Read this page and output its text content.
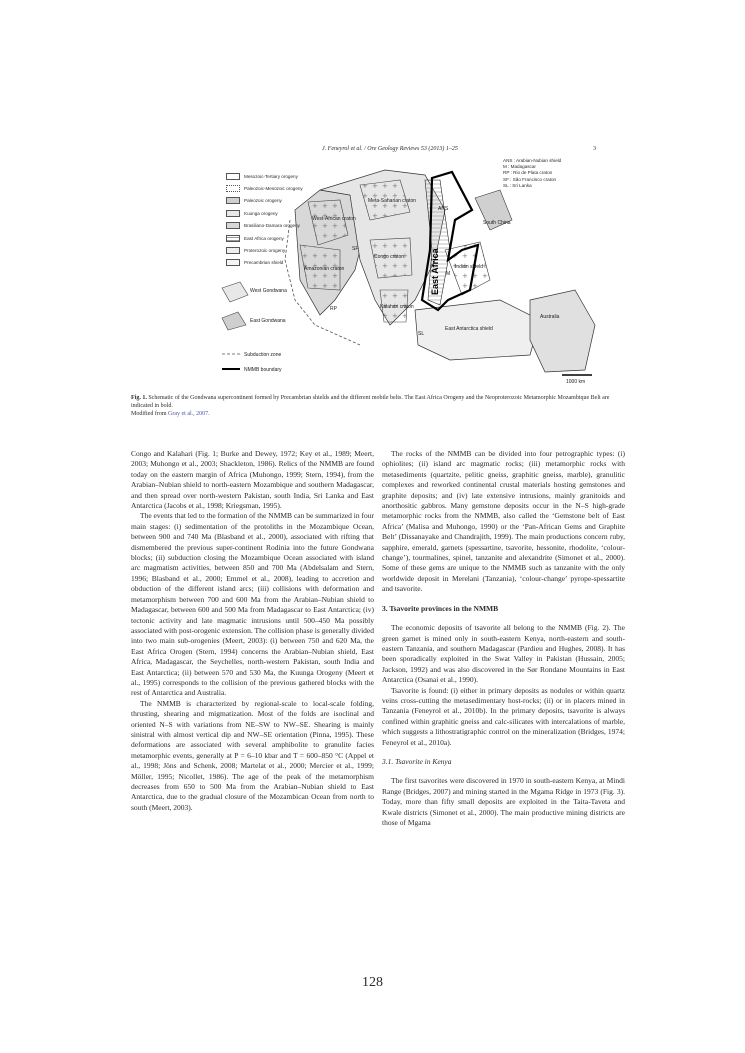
J. Feneyrol et al. / Ore Geology Reviews 53 (2013) 1–25	3
West Gondwana
East Gondwana
Subduction zone
NMMB boundary
West-African craton
Meta-Saharian craton
Congo craton
Amazonian craton
Kalahari craton
East Antarctica shield
Indian shield
South China
Australia
ANS
SF
RP
M
SL
1000 km
East Africa
Mesozoic-Tertiary orogeny
Paleozoic-Mesozoic orogeny
Paleozoic orogeny
Kuunga orogeny
Brasiliano-Damara orogeny
East Africa orogeny
Proterozoic orogeny
Precambrian shield
ANS : Arabian-Nubian shield
M : Madagascar
RP : Rio de Plata craton
SF : São Francisco craton
SL : Sri Lanka
Fig. 1. Schematic of the Gondwana supercontinent formed by Precambrian shields and the different mobile belts. The East Africa Orogeny and the Neoproterozoic Metamorphic Mozambique Belt are indicated in bold.
Modified from Gray et al., 2007.

Congo and Kalahari (Fig. 1; Burke and Dewey, 1972; Key et al., 1989; Meert, 2003; Muhongo et al., 2003; Shackleton, 1986). Relics of the NMMB are found today on the eastern margin of Africa (Muhongo, 1999; Stern, 1994), from the Arabian–Nubian shield to north-eastern Mozambique and southern Madagascar, and then spread over north-western Pakistan, south India, Sri Lanka and East Antarctica (Jacobs et al., 1998; Kriegsman, 1995).

The events that led to the formation of the NMMB can be summarized in four main stages: (i) sedimentation of the protoliths in the Mozambique Ocean, between 900 and 740 Ma (Blasband et al., 2000), associated with rifting that dismembered the previous super-continent Rodinia into the future Gondwana blocks; (ii) subduction closing the Mozambique Ocean associated with island arc magmatism activities, between 850 and 700 Ma (Abdelsalam and Stern, 1996; Blasband et al., 2000; Emmel et al., 2008), leading to accretion and obduction of the different island arcs; (iii) collisions with deformation and metamorphism between 700 and 600 Ma from the Arabian–Nubian shield to Madagascar, between 600 and 500 Ma from Madagascar to East Antarctica; (iv) tectonic activity and late magmatic intrusions until 500–450 Ma possibly associated with post-orogenic extension. The collision phase is generally divided into two main sub-orogenies (Meert, 2003): (i) between 750 and 620 Ma, the East Africa Orogen (Stern, 1994) concerns the Arabian–Nubian shield, East Africa, Madagascar, the Seychelles, north-western Pakistan, south India and East Antarctica; (ii) between 570 and 530 Ma, the Kuunga Orogeny (Meert et al., 1995) corresponds to the collision of the previous gathered blocks with the rest of Antarctica and Australia.

The NMMB is characterized by regional-scale to local-scale folding, thrusting, shearing and migmatization. Most of the folds are isoclinal and oriented N–S with variations from NE–SW to NW–SE. Shearing is mainly sinistral with almost vertical dip and NW–SE orientation (Pinna, 1995). These deformations are associated with several amphibolite to granulite facies metamorphic events, generally at P = 6–10 kbar and T = 600–850 °C (Appel et al., 1998; Jöns and Schenk, 2008; Martelat et al., 2000; Mercier et al., 1999; Möller, 1995; Nicollet, 1986). The age of the peak of the metamorphism decreases from 650 to 500 Ma from the Arabian–Nubian shield to East Antarctica, due to the gradual closure of the Mozambican Ocean from north to south (Meert, 2003).

The rocks of the NMMB can be divided into four petrographic types: (i) ophiolites; (ii) island arc magmatic rocks; (iii) metamorphic rocks with metasediments (quartzite, pelitic gneiss, graphitic gneiss, marble), granulitic complexes and reworked continental crustal materials hosting gemstones and graphite deposits; and (iv) late extensive intrusions, mainly granitoids and anorthositic gabbros. Many gemstone deposits occur in the N–S high-grade metamorphic rocks from the NMMB, also called the ‘Gemstone belt of East Africa’ (Malisa and Muhongo, 1990) or the ‘Pan-African Gems and Graphite Belt’ (Dissanayake and Chandrajith, 1999). The main productions concern ruby, sapphire, emerald, garnets (spessartine, tsavorite, hessonite, rhodolite, ‘colour-change’), tourmalines, spinel, tanzanite and alexandrite (Simonet et al., 2000). Some of these gems are unique to the NMMB such as tanzanite with the only worldwide deposit in Merelani (Tanzania), ‘colour-change’ pyrope-spessartite and tsavorite.

3. Tsavorite provinces in the NMMB

The economic deposits of tsavorite all belong to the NMMB (Fig. 2). The green garnet is mined only in south-eastern Kenya, north-eastern and south-eastern Tanzania, and southern Madagascar (Pardieu and Hughes, 2008). It has been sporadically exploited in the Swat Valley in Pakistan (Hussain, 2005; Jackson, 1992) and was also discovered in the Sør Rondane Mountains in East Antarctica (Osanai et al., 1990).

Tsavorite is found: (i) either in primary deposits as nodules or within quartz veins cross-cutting the metasedimentary host-rocks; (ii) or in placers mined in Tanzania (Feneyrol et al., 2010b). In the primary deposits, tsavorite is always confined within graphitic gneiss and calc-silicates with intercalations of marble, which suggests a lithostratigraphic control on the mineralization (Bridges, 1974; Feneyrol et al., 2010a).

3.1. Tsavorite in Kenya

The first tsavorites were discovered in 1970 in south-eastern Kenya, at Mindi Range (Bridges, 2007) and mining started in the Mgama Ridge in 1973 (Fig. 3). Today, more than fifty small deposits are exploited in the Taita-Taveta and Kwale districts (Simonet et al., 2000). The main productive mining districts are those of Mgama

128
